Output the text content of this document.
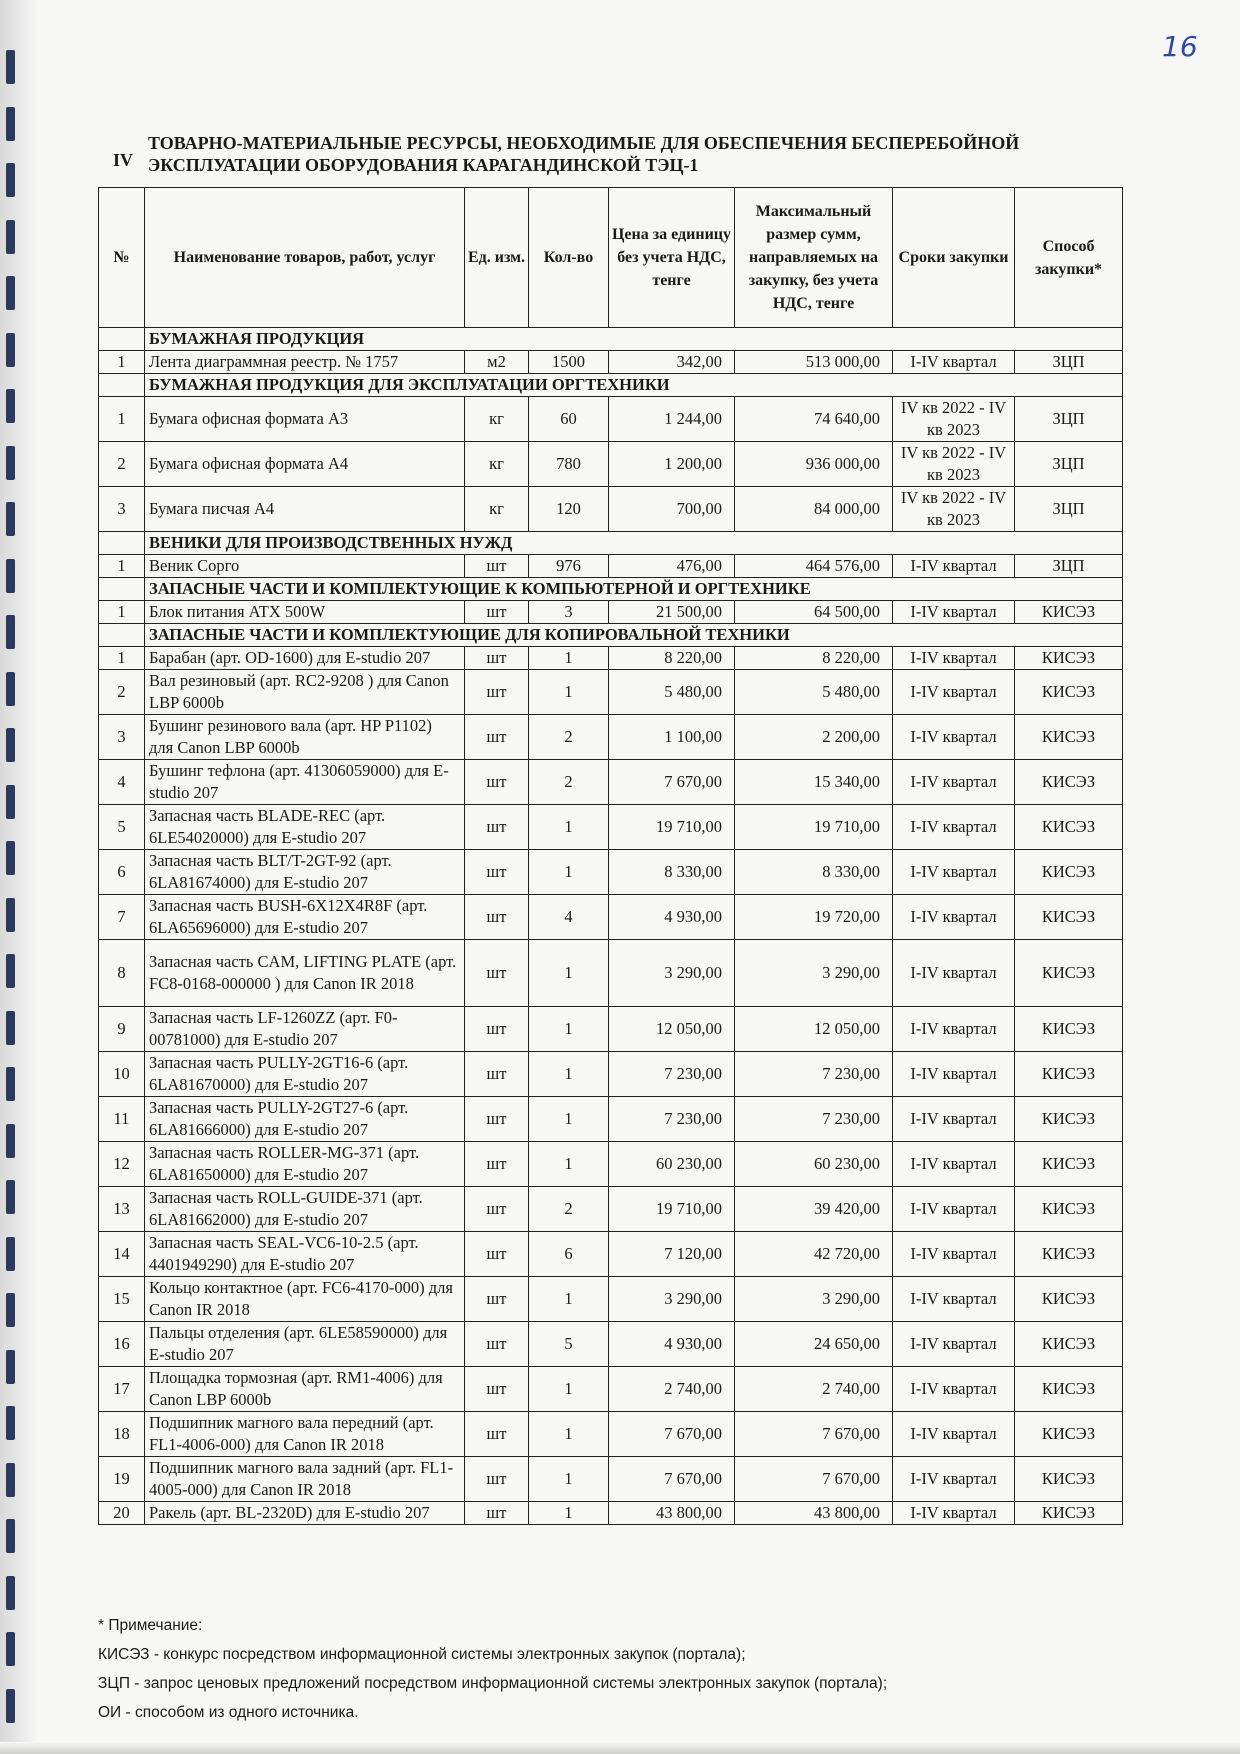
16
IV
ТОВАРНО-МАТЕРИАЛЬНЫЕ РЕСУРСЫ, НЕОБХОДИМЫЕ ДЛЯ ОБЕСПЕЧЕНИЯ БЕСПЕРЕБОЙНОЙ
ЭКСПЛУАТАЦИИ ОБОРУДОВАНИЯ КАРАГАНДИНСКОЙ ТЭЦ-1
№	Наименование товаров, работ, услуг	Ед. изм.	Кол-во	Цена за единицу без учета НДС, тенге	Максимальный размер сумм, направляемых на закупку, без учета НДС, тенге	Сроки закупки	Способ закупки*
	БУМАЖНАЯ ПРОДУКЦИЯ						
1	Лента диаграммная реестр. № 1757	м2	1500	342,00	513 000,00	I-IV квартал	ЗЦП
	БУМАЖНАЯ ПРОДУКЦИЯ ДЛЯ ЭКСПЛУАТАЦИИ ОРГТЕХНИКИ						
1	Бумага офисная формата А3	кг	60	1 244,00	74 640,00	IV кв 2022 - IV кв 2023	ЗЦП
2	Бумага офисная формата А4	кг	780	1 200,00	936 000,00	IV кв 2022 - IV кв 2023	ЗЦП
3	Бумага писчая А4	кг	120	700,00	84 000,00	IV кв 2022 - IV кв 2023	ЗЦП
	ВЕНИКИ ДЛЯ ПРОИЗВОДСТВЕННЫХ НУЖД						
1	Веник Сорго	шт	976	476,00	464 576,00	I-IV квартал	ЗЦП
	ЗАПАСНЫЕ ЧАСТИ И КОМПЛЕКТУЮЩИЕ К КОМПЬЮТЕРНОЙ И ОРГТЕХНИКЕ						
1	Блок питания ATX 500W	шт	3	21 500,00	64 500,00	I-IV квартал	КИСЭЗ
	ЗАПАСНЫЕ ЧАСТИ И КОМПЛЕКТУЮЩИЕ ДЛЯ КОПИРОВАЛЬНОЙ ТЕХНИКИ						
1	Барабан (арт. OD-1600) для E-studio 207	шт	1	8 220,00	8 220,00	I-IV квартал	КИСЭЗ
2	Вал резиновый (арт. RC2-9208 ) для Canon LBP 6000b	шт	1	5 480,00	5 480,00	I-IV квартал	КИСЭЗ
3	Бушинг резинового вала (арт. HP P1102) для Canon LBP 6000b	шт	2	1 100,00	2 200,00	I-IV квартал	КИСЭЗ
4	Бушинг тефлона (арт. 41306059000) для E-studio 207	шт	2	7 670,00	15 340,00	I-IV квартал	КИСЭЗ
5	Запасная часть BLADE-REC (арт. 6LE54020000) для E-studio 207	шт	1	19 710,00	19 710,00	I-IV квартал	КИСЭЗ
6	Запасная часть BLT/T-2GT-92 (арт. 6LA81674000) для E-studio 207	шт	1	8 330,00	8 330,00	I-IV квартал	КИСЭЗ
7	Запасная часть BUSH-6X12X4R8F (арт. 6LA65696000) для E-studio 207	шт	4	4 930,00	19 720,00	I-IV квартал	КИСЭЗ
8	Запасная часть CAM, LIFTING PLATE (арт. FC8-0168-000000 ) для Canon IR 2018	шт	1	3 290,00	3 290,00	I-IV квартал	КИСЭЗ
9	Запасная часть LF-1260ZZ (арт. F0-00781000) для E-studio 207	шт	1	12 050,00	12 050,00	I-IV квартал	КИСЭЗ
10	Запасная часть PULLY-2GT16-6 (арт. 6LA81670000) для E-studio 207	шт	1	7 230,00	7 230,00	I-IV квартал	КИСЭЗ
11	Запасная часть PULLY-2GT27-6 (арт. 6LA81666000) для E-studio 207	шт	1	7 230,00	7 230,00	I-IV квартал	КИСЭЗ
12	Запасная часть ROLLER-MG-371 (арт. 6LA81650000) для E-studio 207	шт	1	60 230,00	60 230,00	I-IV квартал	КИСЭЗ
13	Запасная часть ROLL-GUIDE-371 (арт. 6LA81662000) для E-studio 207	шт	2	19 710,00	39 420,00	I-IV квартал	КИСЭЗ
14	Запасная часть SEAL-VC6-10-2.5 (арт. 4401949290) для E-studio 207	шт	6	7 120,00	42 720,00	I-IV квартал	КИСЭЗ
15	Кольцо контактное (арт. FC6-4170-000) для Canon IR 2018	шт	1	3 290,00	3 290,00	I-IV квартал	КИСЭЗ
16	Пальцы отделения (арт. 6LE58590000) для E-studio 207	шт	5	4 930,00	24 650,00	I-IV квартал	КИСЭЗ
17	Площадка тормозная (арт. RM1-4006) для Canon LBP 6000b	шт	1	2 740,00	2 740,00	I-IV квартал	КИСЭЗ
18	Подшипник магного вала передний (арт. FL1-4006-000) для Canon IR 2018	шт	1	7 670,00	7 670,00	I-IV квартал	КИСЭЗ
19	Подшипник магного вала задний (арт. FL1-4005-000) для Canon IR 2018	шт	1	7 670,00	7 670,00	I-IV квартал	КИСЭЗ
20	Ракель (арт. BL-2320D) для E-studio 207	шт	1	43 800,00	43 800,00	I-IV квартал	КИСЭЗ
* Примечание:
КИСЭЗ - конкурс посредством информационной системы электронных закупок (портала);
ЗЦП - запрос ценовых предложений посредством информационной системы электронных закупок (портала);
ОИ - способом из одного источника.
